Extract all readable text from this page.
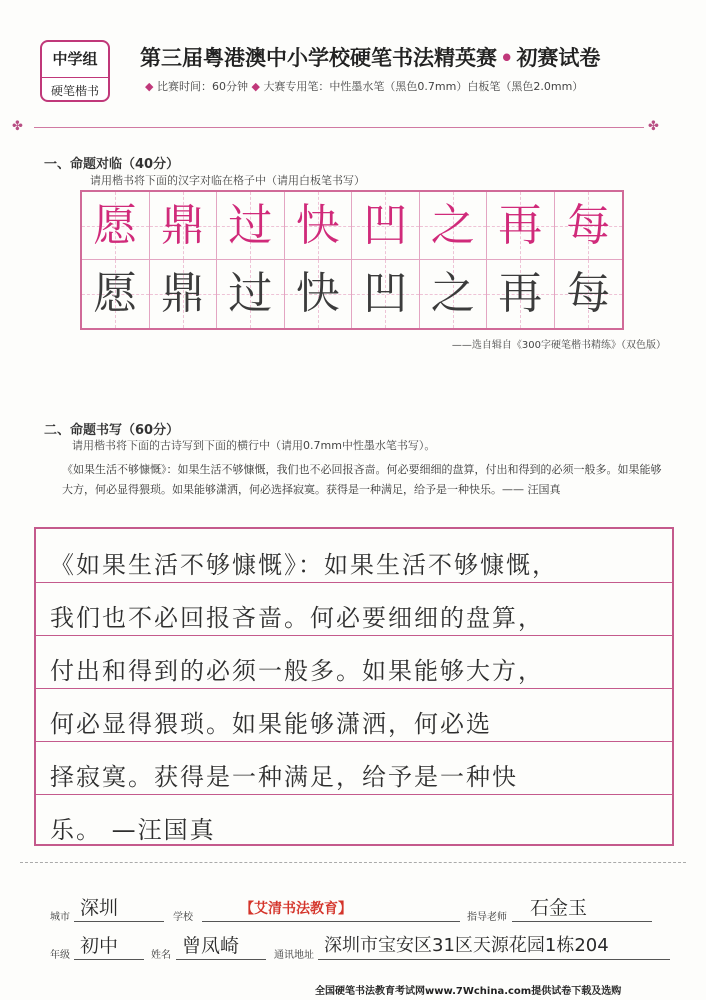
中学组
硬笔楷书
第三届粤港澳中小学校硬笔书法精英赛 • 初赛试卷
◆ 比赛时间：60分钟 ◆ 大赛专用笔：中性墨水笔（黑色0.7mm）白板笔（黑色2.0mm）
✤	✤
一、命题对临（40分）
请用楷书将下面的汉字对临在格子中（请用白板笔书写）
愿 鼎 过 快 凹 之 再 每
愿 鼎 过 快 凹 之 再 每
——选自辑自《300字硬笔楷书精练》（双色版）
二、命题书写（60分）
请用楷书将下面的古诗写到下面的横行中（请用0.7mm中性墨水笔书写）。
《如果生活不够慷慨》：如果生活不够慷慨，我们也不必回报吝啬。何必要细细的盘算，付出和得到的必须一般多。如果能够大方，何必显得猥琐。如果能够潇洒，何必选择寂寞。获得是一种满足，给予是一种快乐。—— 汪国真
《如果生活不够慷慨》：如果生活不够慷慨，
我们也不必回报吝啬。何必要细细的盘算，
付出和得到的必须一般多。如果能够大方，
何必显得猥琐。如果能够潇洒，何必选
择寂寞。获得是一种满足，给予是一种快
乐。 —汪国真
城市 深圳	学校
【艾清书法教育】
指导老师 石金玉
年级 初中	姓名 曾凤崎	通讯地址 深圳市宝安区31区天源花园1栋204
全国硬笔书法教育考试网www.7Wchina.com提供试卷下载及选购
